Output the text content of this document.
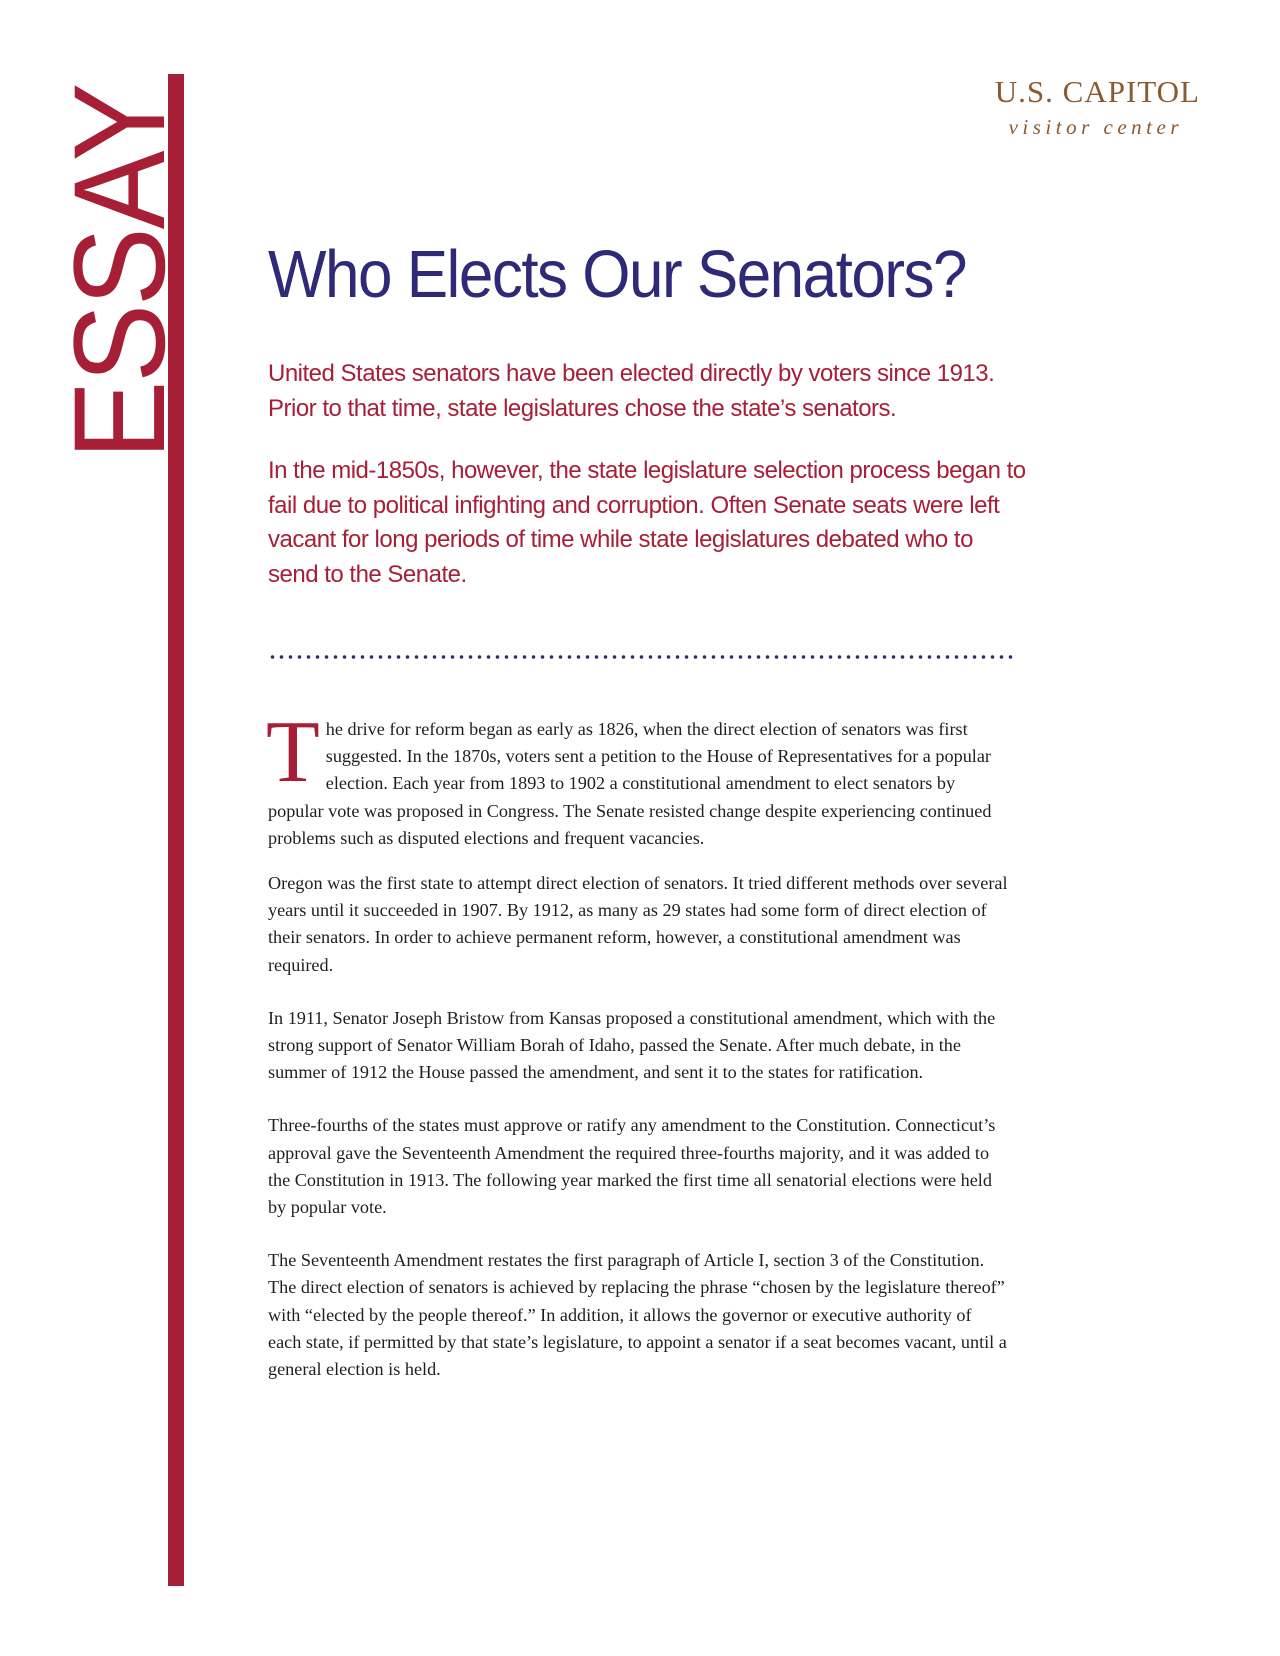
ESSAY	U.S. CAPITOL
visitor center
Who Elects Our Senators?

United States senators have been elected directly by voters since 1913. Prior to that time, state legislatures chose the state’s senators.

In the mid-1850s, however, the state legislature selection process began to fail due to political infighting and corruption. Often Senate seats were left vacant for long periods of time while state legislatures debated who to send to the Senate.

The drive for reform began as early as 1826, when the direct election of senators was first suggested. In the 1870s, voters sent a petition to the House of Representatives for a popular election. Each year from 1893 to 1902 a constitutional amendment to elect senators by popular vote was proposed in Congress. The Senate resisted change despite experiencing continued problems such as disputed elections and frequent vacancies.

Oregon was the first state to attempt direct election of senators. It tried different methods over several years until it succeeded in 1907. By 1912, as many as 29 states had some form of direct election of their senators. In order to achieve permanent reform, however, a constitutional amendment was required.

In 1911, Senator Joseph Bristow from Kansas proposed a constitutional amendment, which with the strong support of Senator William Borah of Idaho, passed the Senate. After much debate, in the summer of 1912 the House passed the amendment, and sent it to the states for ratification.

Three-fourths of the states must approve or ratify any amendment to the Constitution. Connecticut’s approval gave the Seventeenth Amendment the required three-fourths majority, and it was added to the Constitution in 1913. The following year marked the first time all senatorial elections were held by popular vote.

The Seventeenth Amendment restates the first paragraph of Article I, section 3 of the Constitution. The direct election of senators is achieved by replacing the phrase “chosen by the legislature thereof” with “elected by the people thereof.” In addition, it allows the governor or executive authority of each state, if permitted by that state’s legislature, to appoint a senator if a seat becomes vacant, until a general election is held.
